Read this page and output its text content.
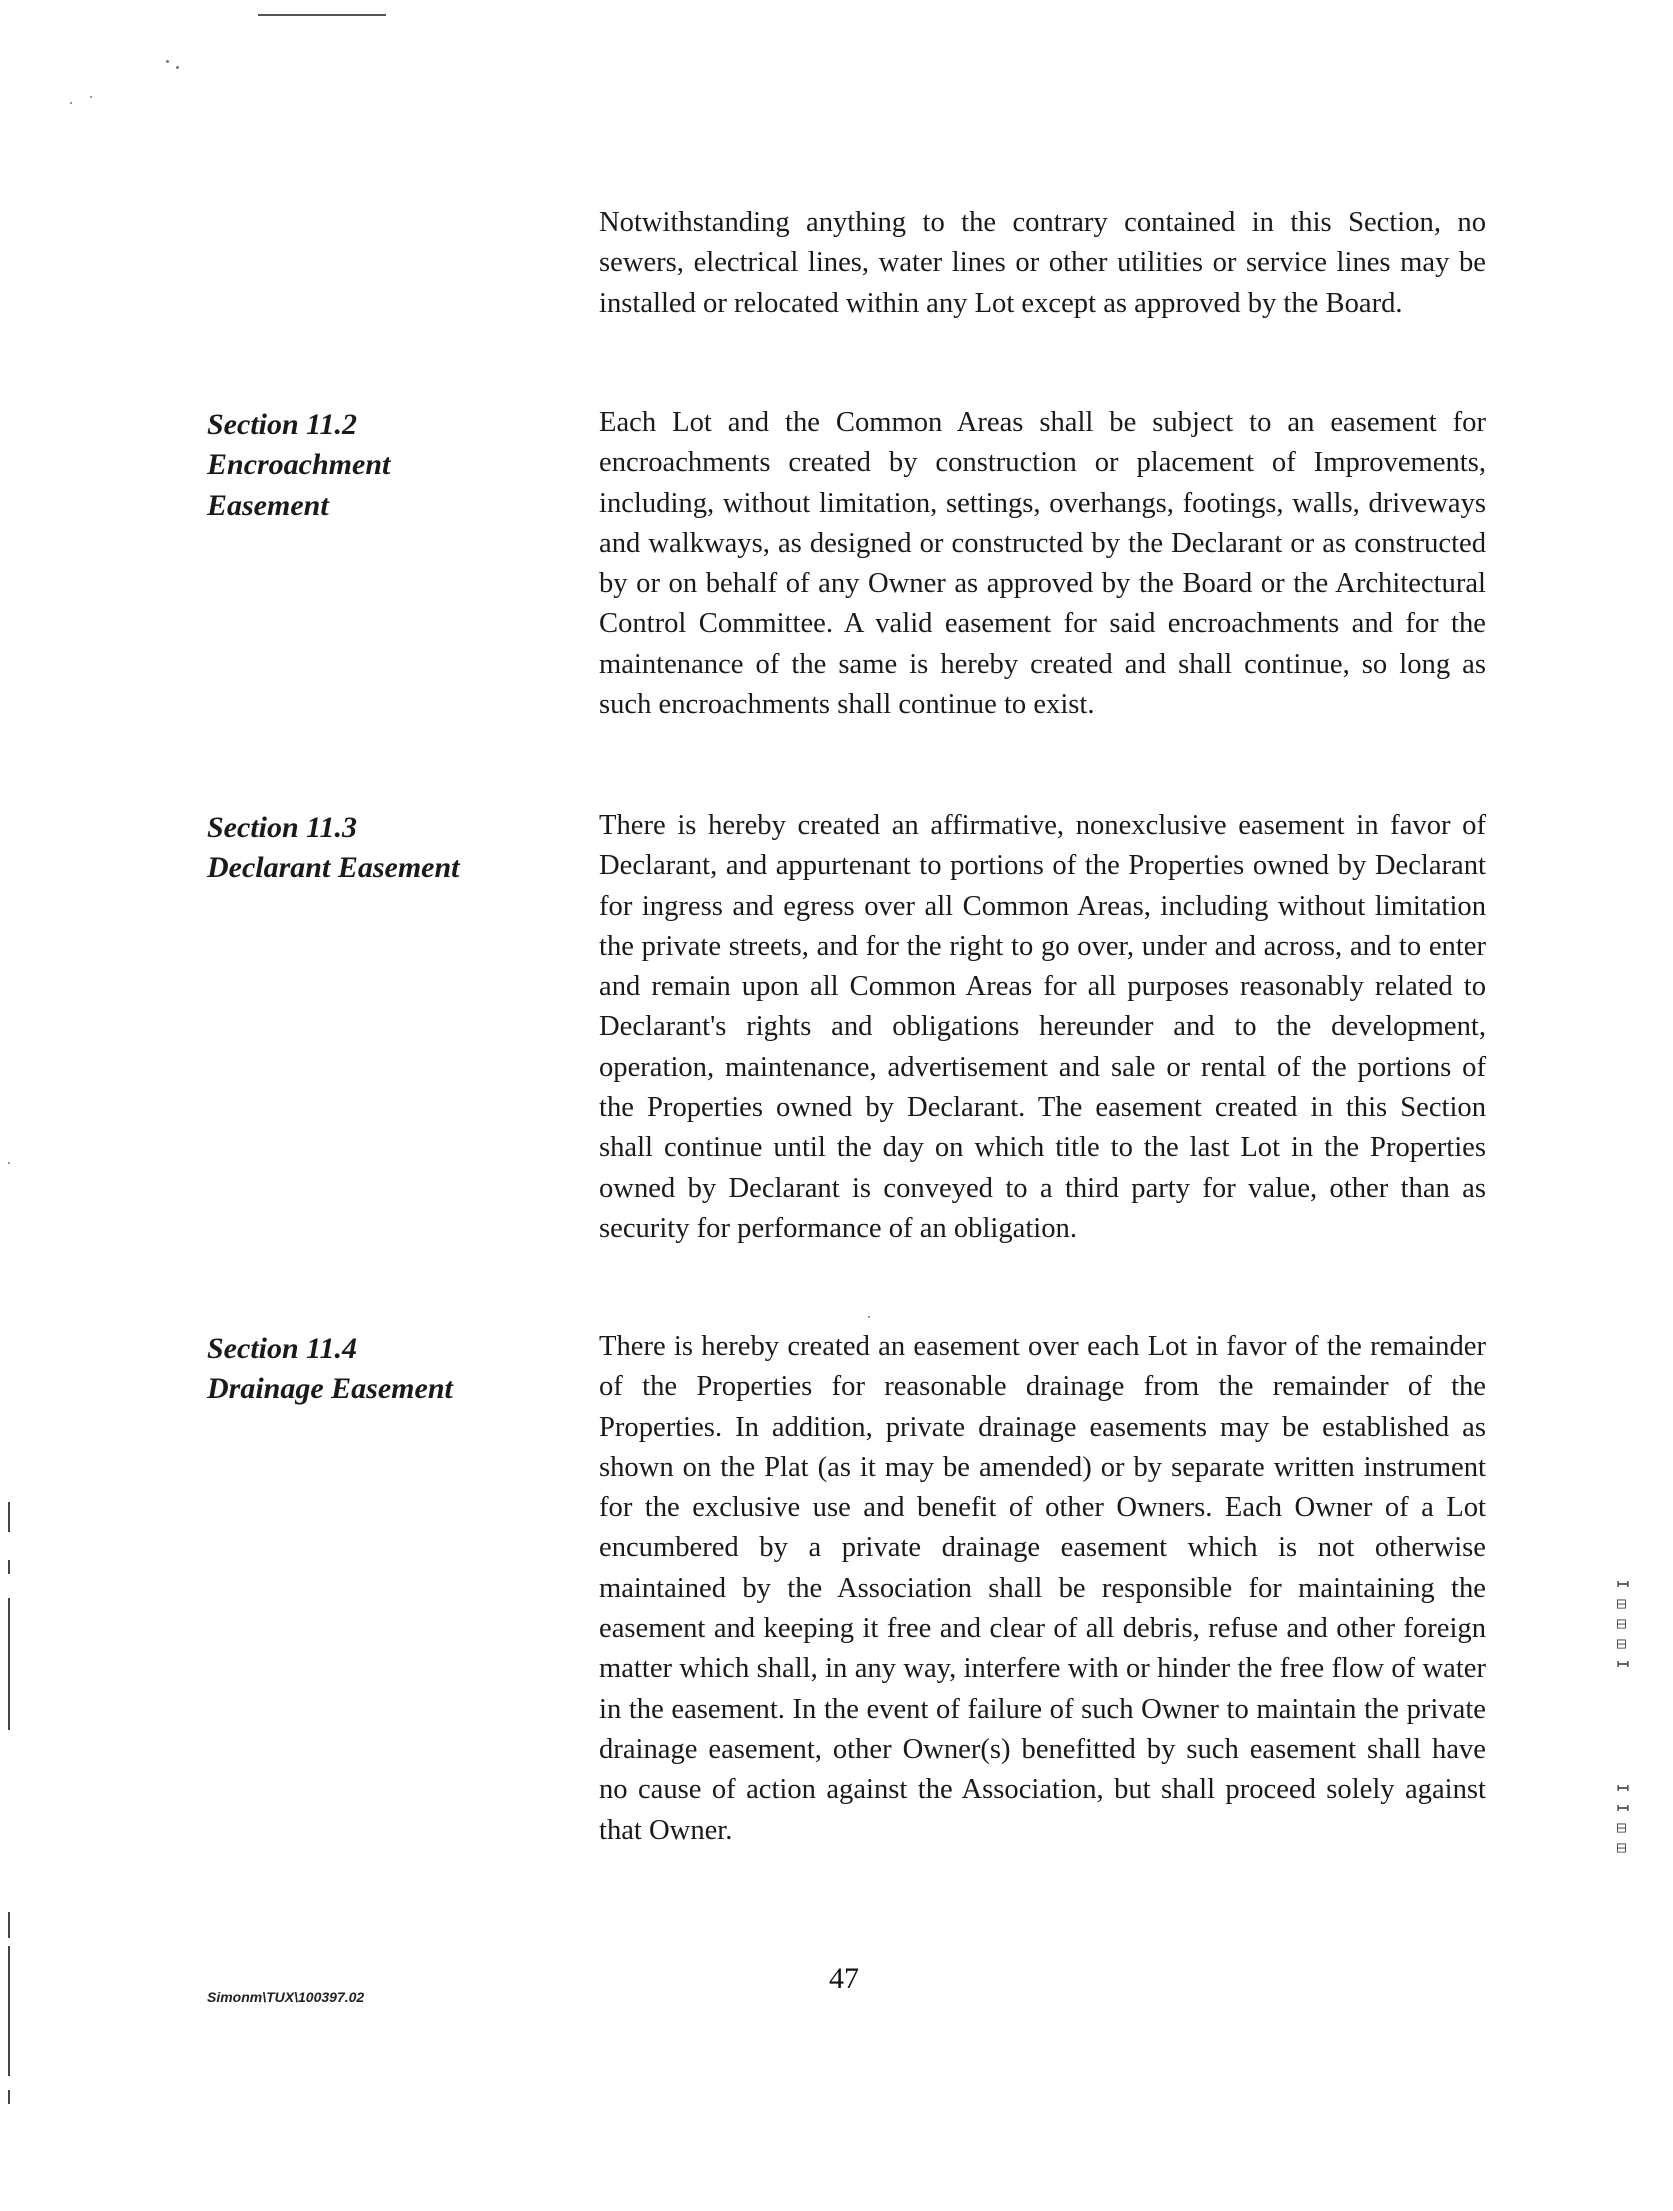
I
◫
◫
◫
I
I
I
◫
◫

Notwithstanding anything to the contrary contained in this Section, no sewers, electrical lines, water lines or other utilities or service lines may be installed or relocated within any Lot except as approved by the Board.

Section 11.2
Encroachment
Easement

Each Lot and the Common Areas shall be subject to an easement for encroachments created by construction or placement of Improvements, including, without limitation, settings, overhangs, footings, walls, driveways and walkways, as designed or constructed by the Declarant or as constructed by or on behalf of any Owner as approved by the Board or the Architectural Control Committee. A valid easement for said encroachments and for the maintenance of the same is hereby created and shall continue, so long as such encroachments shall continue to exist.

Section 11.3
Declarant Easement

There is hereby created an affirmative, nonexclusive easement in favor of Declarant, and appurtenant to portions of the Properties owned by Declarant for ingress and egress over all Common Areas, including without limitation the private streets, and for the right to go over, under and across, and to enter and remain upon all Common Areas for all purposes reasonably related to Declarant's rights and obligations hereunder and to the development, operation, maintenance, advertisement and sale or rental of the portions of the Properties owned by Declarant. The easement created in this Section shall continue until the day on which title to the last Lot in the Properties owned by Declarant is conveyed to a third party for value, other than as security for performance of an obligation.

Section 11.4
Drainage Easement

There is hereby created an easement over each Lot in favor of the remainder of the Properties for reasonable drainage from the remainder of the Properties. In addition, private drainage easements may be established as shown on the Plat (as it may be amended) or by separate written instrument for the exclusive use and benefit of other Owners. Each Owner of a Lot encumbered by a private drainage easement which is not otherwise maintained by the Association shall be responsible for maintaining the easement and keeping it free and clear of all debris, refuse and other foreign matter which shall, in any way, interfere with or hinder the free flow of water in the easement. In the event of failure of such Owner to maintain the private drainage easement, other Owner(s) benefitted by such easement shall have no cause of action against the Association, but shall proceed solely against that Owner.

Simonm\TUX\100397.02
47
